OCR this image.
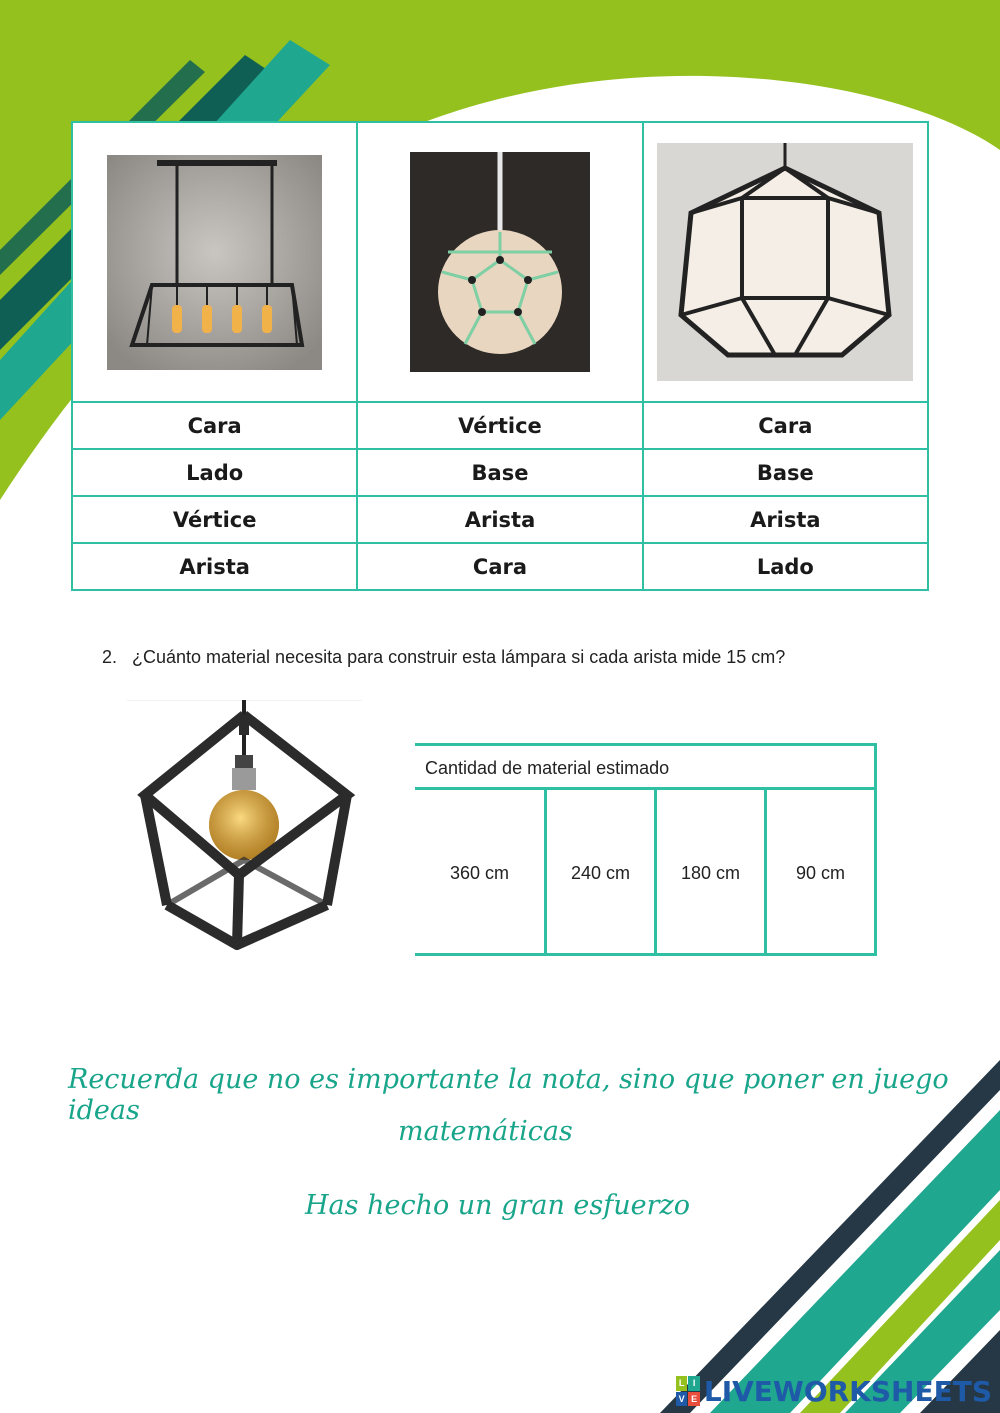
Cara	Vértice	Cara
Lado	Base	Base
Vértice	Arista	Arista
Arista	Cara	Lado
2. ¿Cuánto material necesita para construir esta lámpara si cada arista mide 15 cm?
Cantidad de material estimado
360 cm	240 cm	180 cm	90 cm
Recuerda que no es importante la nota, sino que poner en juego ideas
matemáticas
Has hecho un gran esfuerzo
L I
V E LIVEWORKSHEETS
